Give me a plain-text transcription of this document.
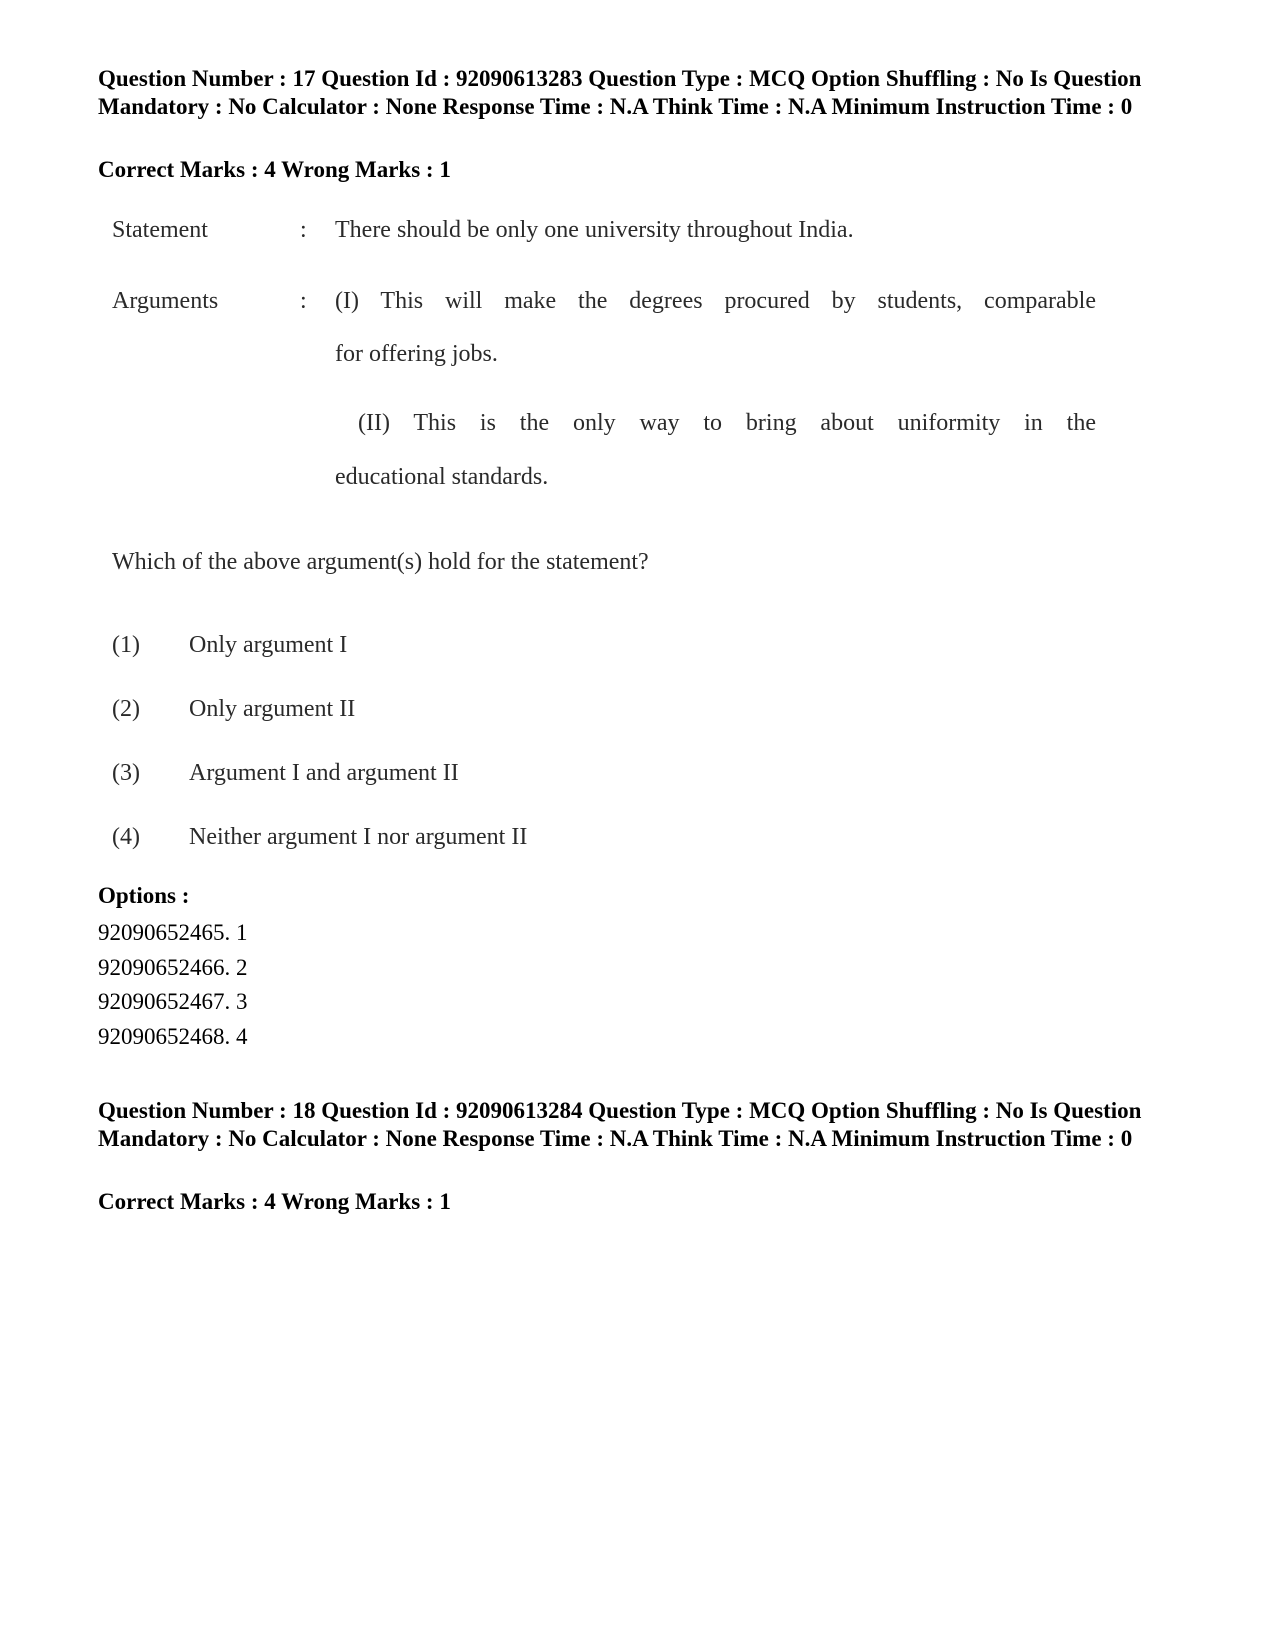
Question Number : 17 Question Id : 92090613283 Question Type : MCQ Option Shuffling : No Is Question Mandatory : No Calculator : None Response Time : N.A Think Time : N.A Minimum Instruction Time : 0

Correct Marks : 4 Wrong Marks : 1
Statement	: There should be only one university throughout India.
Arguments	: (I) This will make the degrees procured by students, comparable
for offering jobs.
(II) This is the only way to bring about uniformity in the
educational standards.
Which of the above argument(s) hold for the statement?
(1) Only argument I
(2) Only argument II
(3) Argument I and argument II
(4) Neither argument I nor argument II
Options :
92090652465. 1
92090652466. 2
92090652467. 3
92090652468. 4

Question Number : 18 Question Id : 92090613284 Question Type : MCQ Option Shuffling : No Is Question Mandatory : No Calculator : None Response Time : N.A Think Time : N.A Minimum Instruction Time : 0

Correct Marks : 4 Wrong Marks : 1
